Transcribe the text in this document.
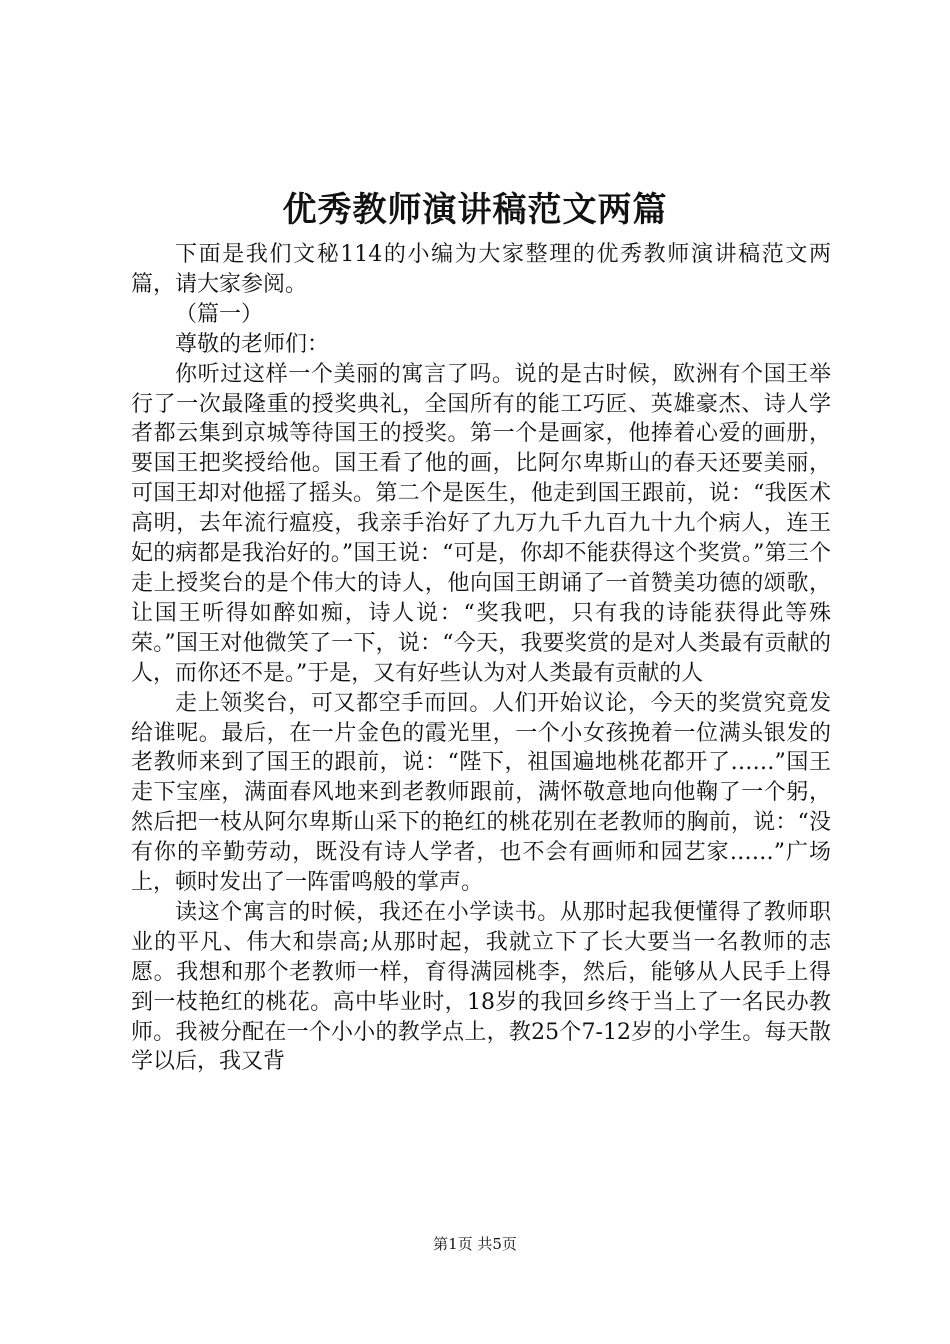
优秀教师演讲稿范文两篇

下面是我们文秘114的小编为大家整理的优秀教师演讲稿范文两篇，请大家参阅。

（篇一）

尊敬的老师们：

你听过这样一个美丽的寓言了吗。说的是古时候，欧洲有个国王举行了一次最隆重的授奖典礼，全国所有的能工巧匠、英雄豪杰、诗人学者都云集到京城等待国王的授奖。第一个是画家，他捧着心爱的画册，要国王把奖授给他。国王看了他的画，比阿尔卑斯山的春天还要美丽，可国王却对他摇了摇头。第二个是医生，他走到国王跟前，说：“我医术高明，去年流行瘟疫，我亲手治好了九万九千九百九十九个病人，连王妃的病都是我治好的。”国王说：“可是，你却不能获得这个奖赏。”第三个走上授奖台的是个伟大的诗人，他向国王朗诵了一首赞美功德的颂歌，让国王听得如醉如痴，诗人说：“奖我吧，只有我的诗能获得此等殊荣。”国王对他微笑了一下，说：“今天，我要奖赏的是对人类最有贡献的人，而你还不是。”于是，又有好些认为对人类最有贡献的人

走上领奖台，可又都空手而回。人们开始议论，今天的奖赏究竟发给谁呢。最后，在一片金色的霞光里，一个小女孩挽着一位满头银发的老教师来到了国王的跟前，说：“陛下，祖国遍地桃花都开了……”国王走下宝座，满面春风地来到老教师跟前，满怀敬意地向他鞠了一个躬，然后把一枝从阿尔卑斯山采下的艳红的桃花别在老教师的胸前，说：“没有你的辛勤劳动，既没有诗人学者，也不会有画师和园艺家……”广场上，顿时发出了一阵雷鸣般的掌声。

读这个寓言的时候，我还在小学读书。从那时起我便懂得了教师职业的平凡、伟大和崇高;从那时起，我就立下了长大要当一名教师的志愿。我想和那个老教师一样，育得满园桃李，然后，能够从人民手上得到一枝艳红的桃花。高中毕业时，18岁的我回乡终于当上了一名民办教师。我被分配在一个小小的教学点上，教25个7-12岁的小学生。每天散学以后，我又背

第1页 共5页
